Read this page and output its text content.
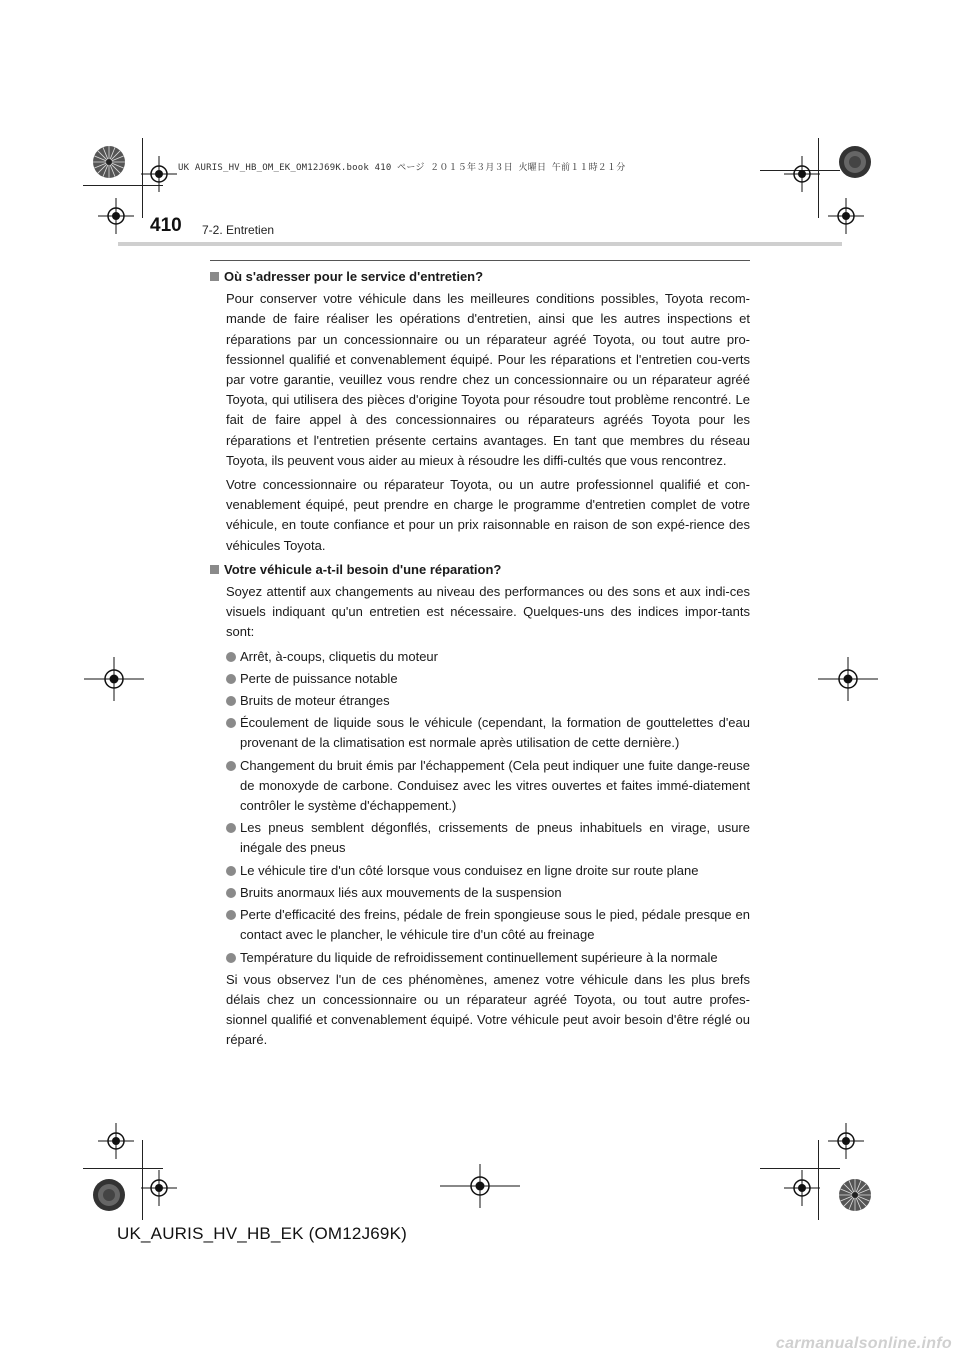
UK AURIS_HV_HB_OM_EK_OM12J69K.book 410 ページ ２０１５年３月３日 火曜日 午前１１時２１分
410 7-2. Entretien
Où s'adresser pour le service d'entretien?

Pour conserver votre véhicule dans les meilleures conditions possibles, Toyota recom-mande de faire réaliser les opérations d'entretien, ainsi que les autres inspections et réparations par un concessionnaire ou un réparateur agréé Toyota, ou tout autre pro-fessionnel qualifié et convenablement équipé. Pour les réparations et l'entretien cou-verts par votre garantie, veuillez vous rendre chez un concessionnaire ou un réparateur agréé Toyota, qui utilisera des pièces d'origine Toyota pour résoudre tout problème rencontré. Le fait de faire appel à des concessionnaires ou réparateurs agréés Toyota pour les réparations et l'entretien présente certains avantages. En tant que membres du réseau Toyota, ils peuvent vous aider au mieux à résoudre les diffi-cultés que vous rencontrez.

Votre concessionnaire ou réparateur Toyota, ou un autre professionnel qualifié et con-venablement équipé, peut prendre en charge le programme d'entretien complet de votre véhicule, en toute confiance et pour un prix raisonnable en raison de son expé-rience des véhicules Toyota.

Votre véhicule a-t-il besoin d'une réparation?

Soyez attentif aux changements au niveau des performances ou des sons et aux indi-ces visuels indiquant qu'un entretien est nécessaire. Quelques-uns des indices impor-tants sont:

Arrêt, à-coups, cliquetis du moteur
Perte de puissance notable
Bruits de moteur étranges
Écoulement de liquide sous le véhicule (cependant, la formation de gouttelettes d'eau provenant de la climatisation est normale après utilisation de cette dernière.)
Changement du bruit émis par l'échappement (Cela peut indiquer une fuite dange-reuse de monoxyde de carbone. Conduisez avec les vitres ouvertes et faites immé-diatement contrôler le système d'échappement.)
Les pneus semblent dégonflés, crissements de pneus inhabituels en virage, usure inégale des pneus
Le véhicule tire d'un côté lorsque vous conduisez en ligne droite sur route plane
Bruits anormaux liés aux mouvements de la suspension
Perte d'efficacité des freins, pédale de frein spongieuse sous le pied, pédale presque en contact avec le plancher, le véhicule tire d'un côté au freinage
Température du liquide de refroidissement continuellement supérieure à la normale

Si vous observez l'un de ces phénomènes, amenez votre véhicule dans les plus brefs délais chez un concessionnaire ou un réparateur agréé Toyota, ou tout autre profes-sionnel qualifié et convenablement équipé. Votre véhicule peut avoir besoin d'être réglé ou réparé.

UK_AURIS_HV_HB_EK (OM12J69K)
carmanualsonline.info
